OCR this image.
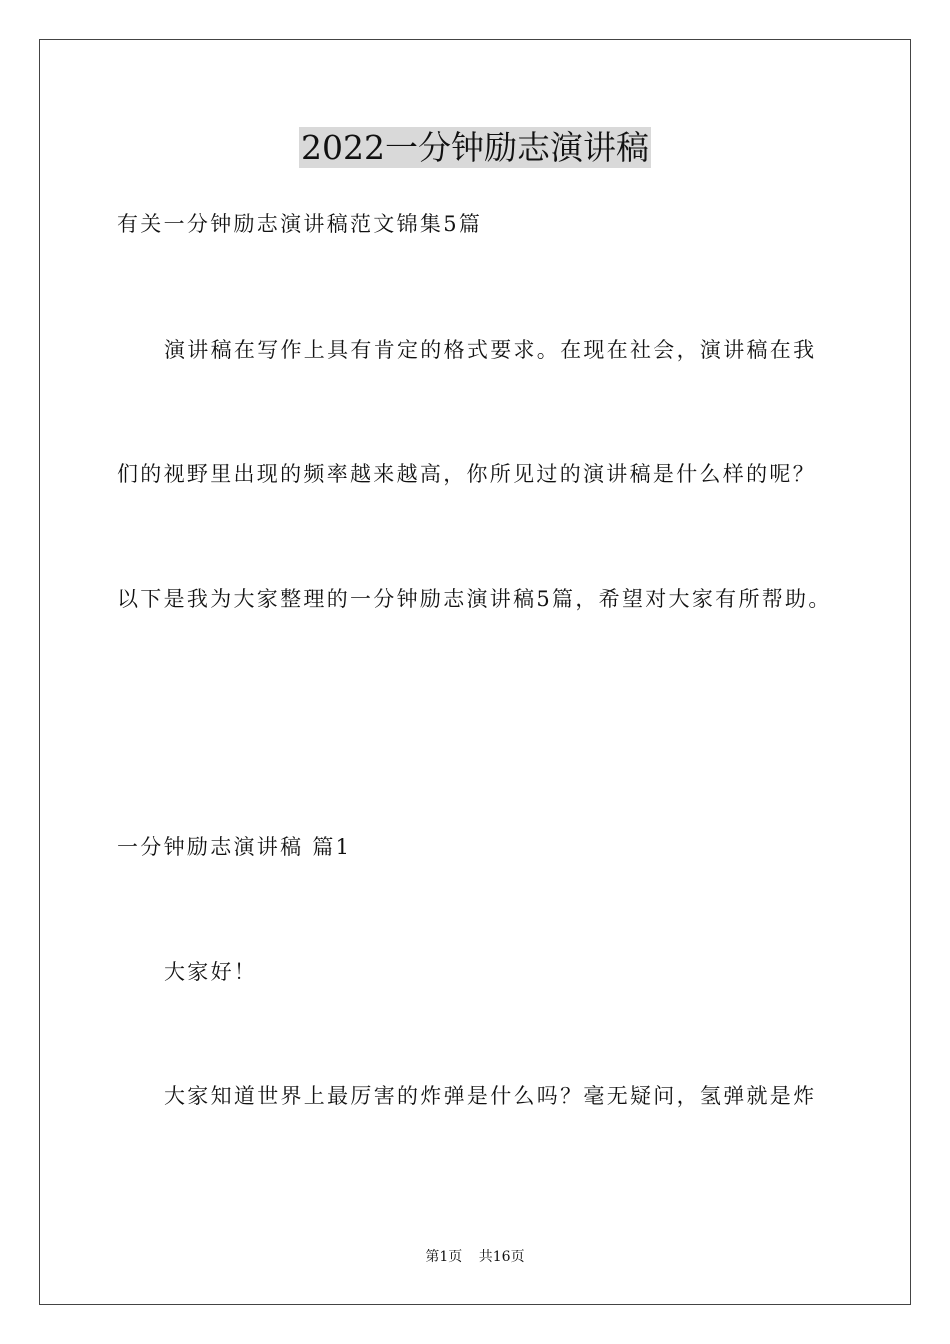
2022一分钟励志演讲稿
有关一分钟励志演讲稿范文锦集5篇
演讲稿在写作上具有肯定的格式要求。在现在社会，演讲稿在我
们的视野里出现的频率越来越高，你所见过的演讲稿是什么样的呢？
以下是我为大家整理的一分钟励志演讲稿5篇，希望对大家有所帮助。
一分钟励志演讲稿 篇1
大家好！
大家知道世界上最厉害的炸弹是什么吗？毫无疑问，氢弹就是炸
第1页 共16页
